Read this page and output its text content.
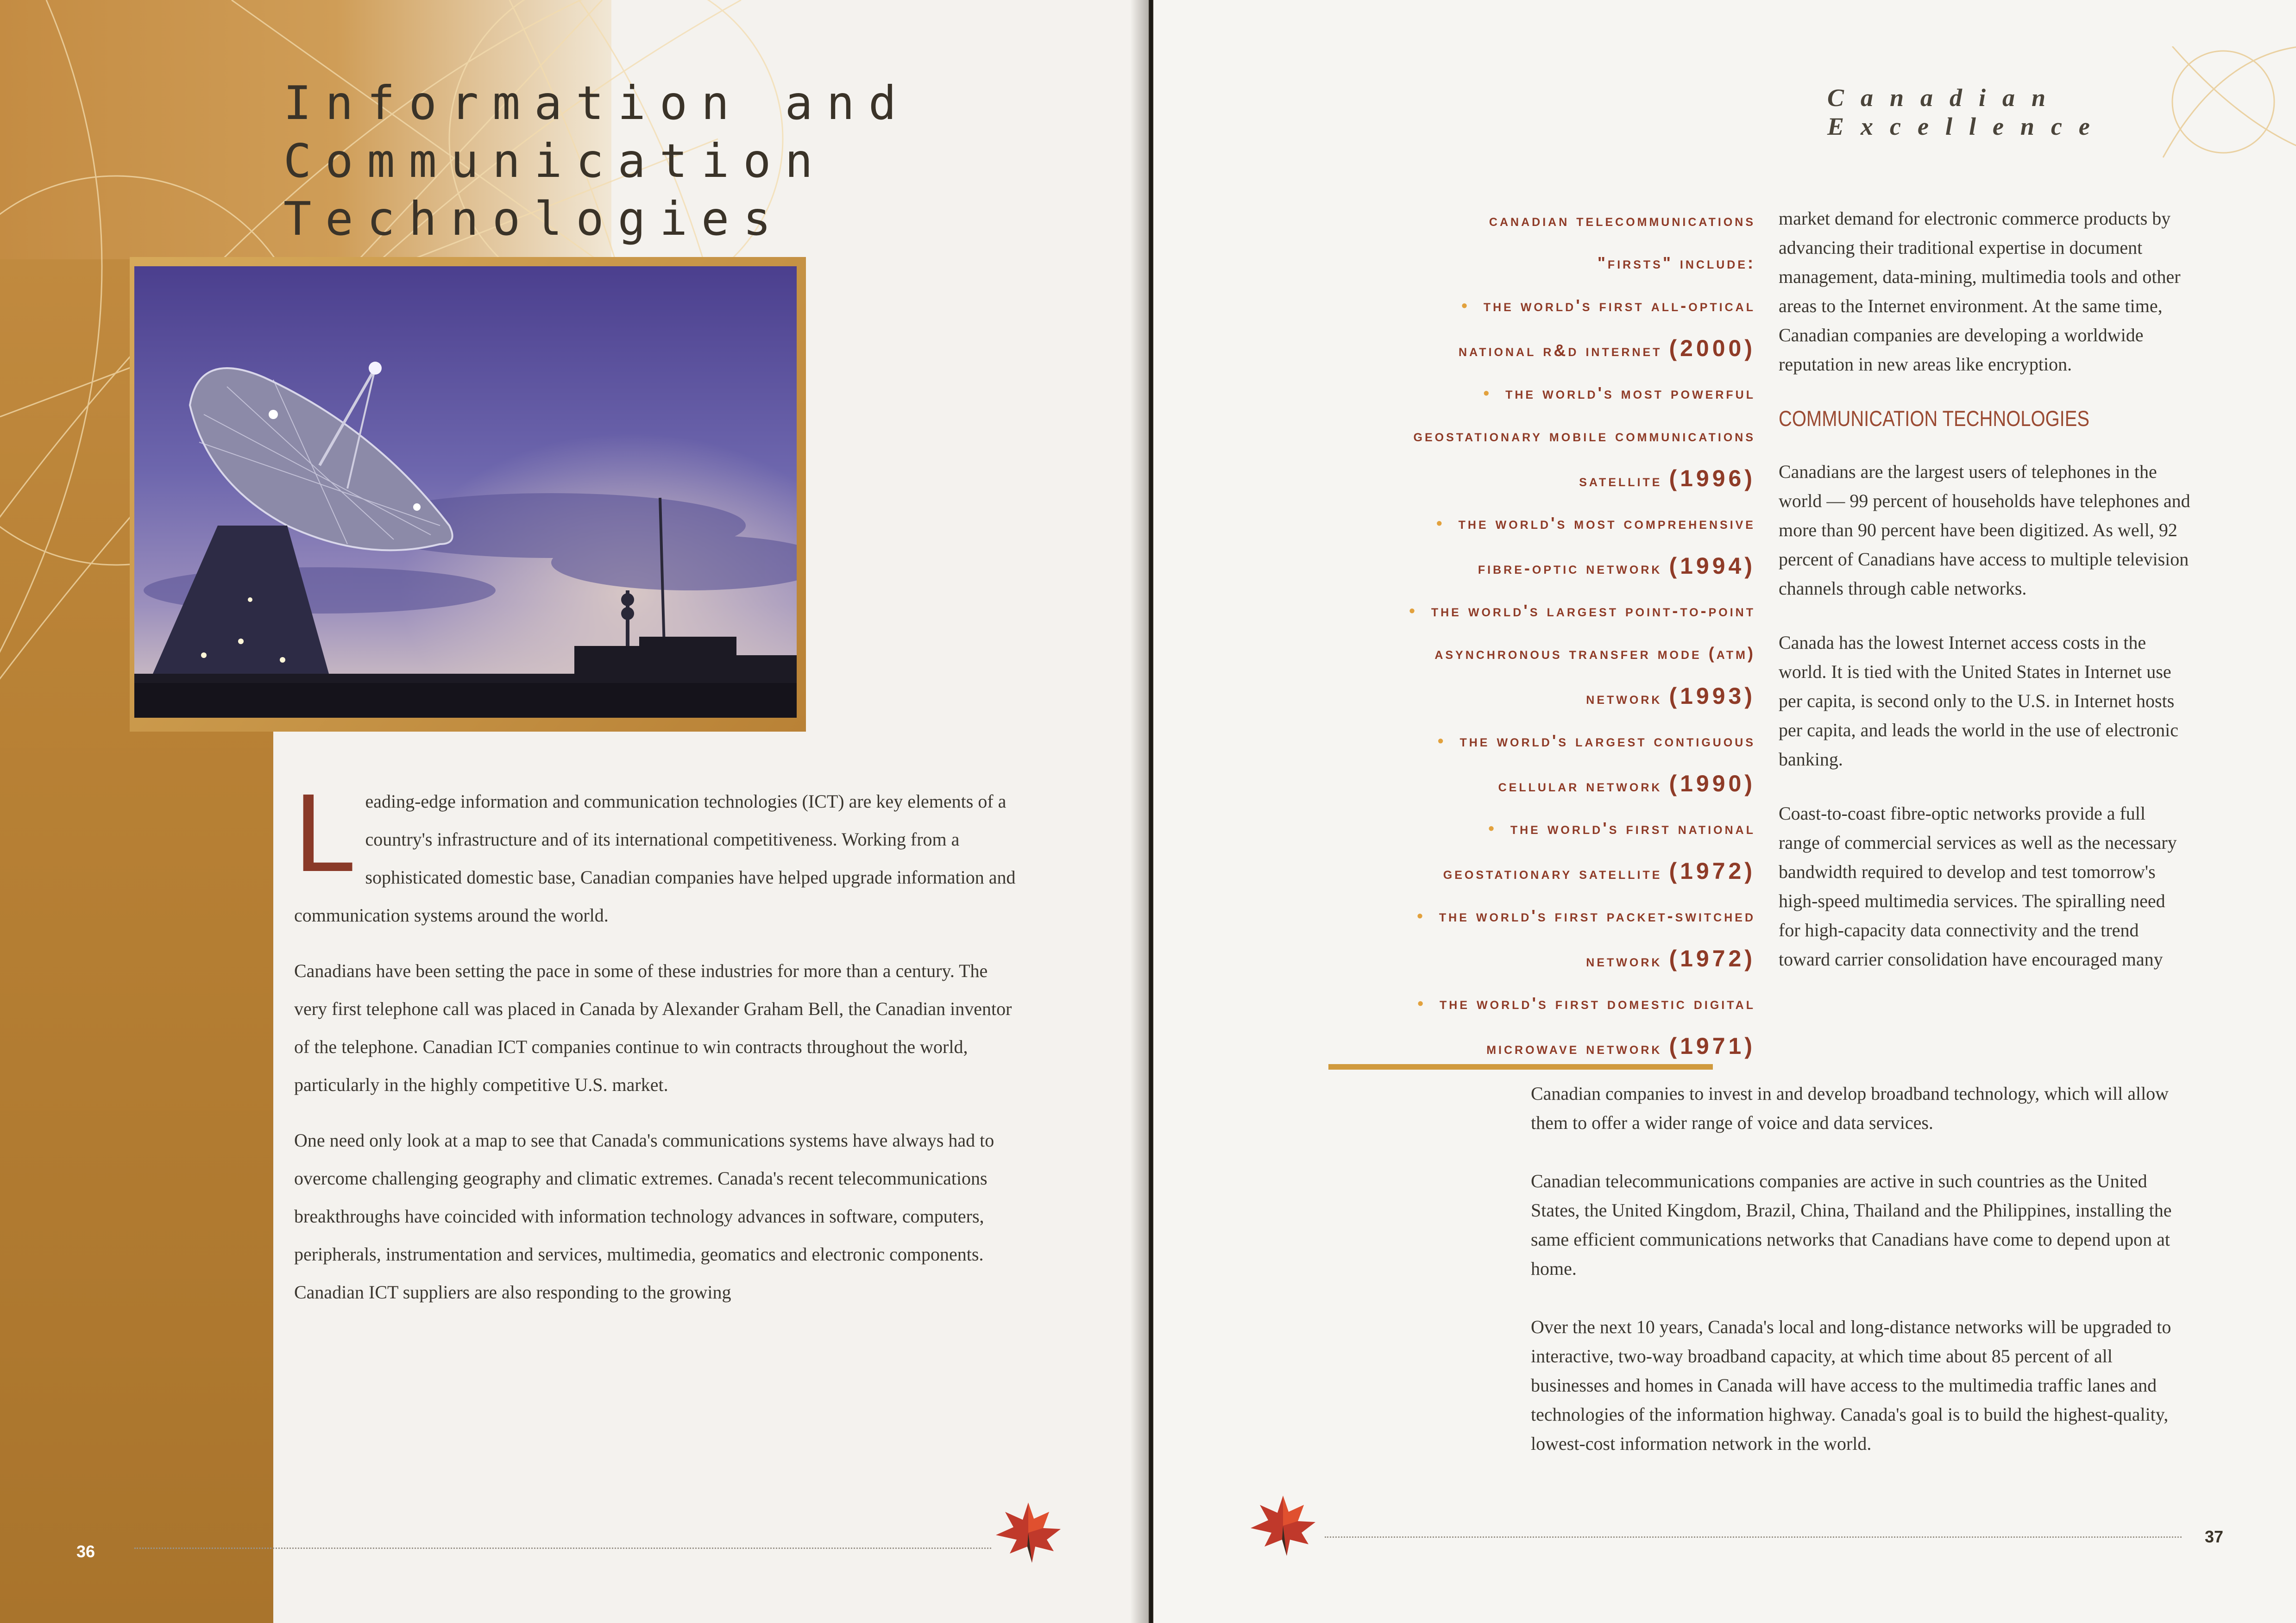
Information and
Communication
Technologies

Leading-edge information and communication technologies (ICT) are key elements of a country's infrastructure and of its international competitiveness. Working from a sophisticated domestic base, Canadian companies have helped upgrade information and communication systems around the world.

Canadians have been setting the pace in some of these industries for more than a century. The very first telephone call was placed in Canada by Alexander Graham Bell, the Canadian inventor of the telephone. Canadian ICT companies continue to win contracts throughout the world, particularly in the highly competitive U.S. market.

One need only look at a map to see that Canada's communications systems have always had to overcome challenging geography and climatic extremes. Canada's recent telecommunications breakthroughs have coincided with information technology advances in software, computers, peripherals, instrumentation and services, multimedia, geomatics and electronic components. Canadian ICT suppliers are also responding to the growing

36
Canadian Excellence
canadian telecommunications
"firsts" include:
• the world's first all-optical
national r&d internet (2000)
• the world's most powerful
geostationary mobile communications
satellite (1996)
• the world's most comprehensive
fibre-optic network (1994)
• the world's largest point-to-point
asynchronous transfer mode (atm)
network (1993)
• the world's largest contiguous
cellular network (1990)
• the world's first national
geostationary satellite (1972)
• the world's first packet-switched
network (1972)
• the world's first domestic digital
microwave network (1971)

market demand for electronic commerce products by advancing their traditional expertise in document management, data-mining, multimedia tools and other areas to the Internet environment. At the same time, Canadian companies are developing a worldwide reputation in new areas like encryption.

COMMUNICATION TECHNOLOGIES

Canadians are the largest users of telephones in the world — 99 percent of households have telephones and more than 90 percent have been digitized. As well, 92 percent of Canadians have access to multiple television channels through cable networks.

Canada has the lowest Internet access costs in the world. It is tied with the United States in Internet use per capita, is second only to the U.S. in Internet hosts per capita, and leads the world in the use of electronic banking.

Coast-to-coast fibre-optic networks provide a full range of commercial services as well as the necessary bandwidth required to develop and test tomorrow's high-speed multimedia services. The spiralling need for high-capacity data connectivity and the trend toward carrier consolidation have encouraged many

Canadian companies to invest in and develop broadband technology, which will allow them to offer a wider range of voice and data services.

Canadian telecommunications companies are active in such countries as the United States, the United Kingdom, Brazil, China, Thailand and the Philippines, installing the same efficient communications networks that Canadians have come to depend upon at home.

Over the next 10 years, Canada's local and long-distance networks will be upgraded to interactive, two-way broadband capacity, at which time about 85 percent of all businesses and homes in Canada will have access to the multimedia traffic lanes and technologies of the information highway. Canada's goal is to build the highest-quality, lowest-cost information network in the world.

37
